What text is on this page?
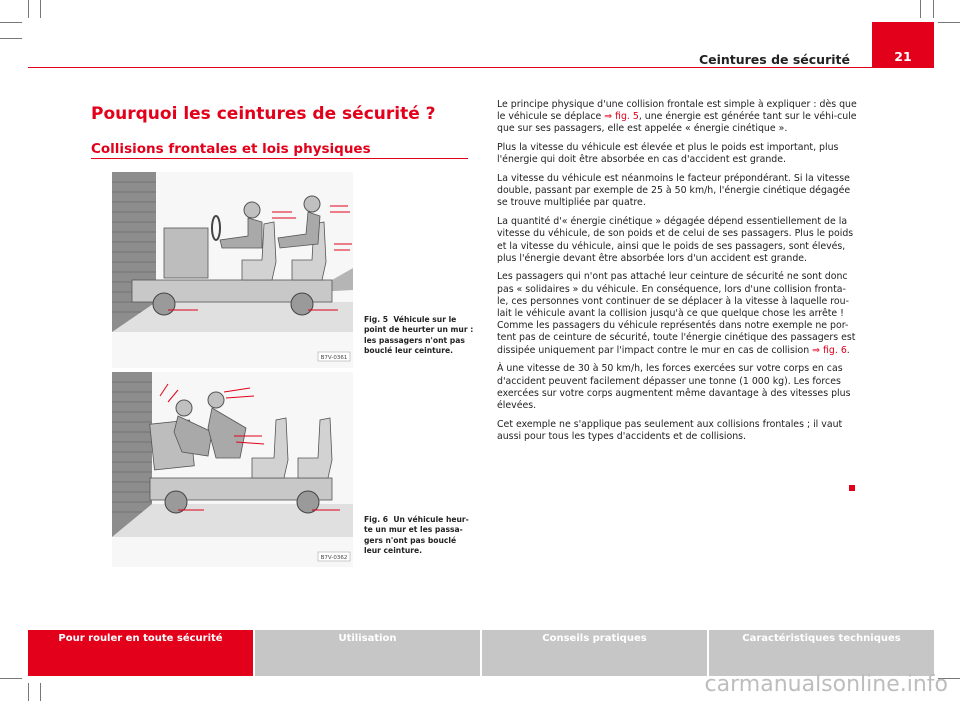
Ceintures de sécurité	21
Pourquoi les ceintures de sécurité ?
Collisions frontales et lois physiques
B7V-0361
Fig. 5 Véhicule sur le point de heurter un mur : les passagers n'ont pas bouclé leur ceinture.
B7V-0362
Fig. 6 Un véhicule heur-te un mur et les passa-gers n'ont pas bouclé leur ceinture.

Le principe physique d'une collision frontale est simple à expliquer : dès que le véhicule se déplace ⇒ fig. 5, une énergie est générée tant sur le véhi-cule que sur ses passagers, elle est appelée « énergie cinétique ».

Plus la vitesse du véhicule est élevée et plus le poids est important, plus l'énergie qui doit être absorbée en cas d'accident est grande.

La vitesse du véhicule est néanmoins le facteur prépondérant. Si la vitesse double, passant par exemple de 25 à 50 km/h, l'énergie cinétique dégagée se trouve multipliée par quatre.

La quantité d'« énergie cinétique » dégagée dépend essentiellement de la vitesse du véhicule, de son poids et de celui de ses passagers. Plus le poids et la vitesse du véhicule, ainsi que le poids de ses passagers, sont élevés, plus l'énergie devant être absorbée lors d'un accident est grande.

Les passagers qui n'ont pas attaché leur ceinture de sécurité ne sont donc pas « solidaires » du véhicule. En conséquence, lors d'une collision fronta-le, ces personnes vont continuer de se déplacer à la vitesse à laquelle rou-lait le véhicule avant la collision jusqu'à ce que quelque chose les arrête ! Comme les passagers du véhicule représentés dans notre exemple ne por-tent pas de ceinture de sécurité, toute l'énergie cinétique des passagers est dissipée uniquement par l'impact contre le mur en cas de collision ⇒ fig. 6.

À une vitesse de 30 à 50 km/h, les forces exercées sur votre corps en cas d'accident peuvent facilement dépasser une tonne (1 000 kg). Les forces exercées sur votre corps augmentent même davantage à des vitesses plus élevées.

Cet exemple ne s'applique pas seulement aux collisions frontales ; il vaut aussi pour tous les types d'accidents et de collisions.

Pour rouler en toute sécurité	Utilisation	Conseils pratiques	Caractéristiques techniques
carmanualsonline.info
